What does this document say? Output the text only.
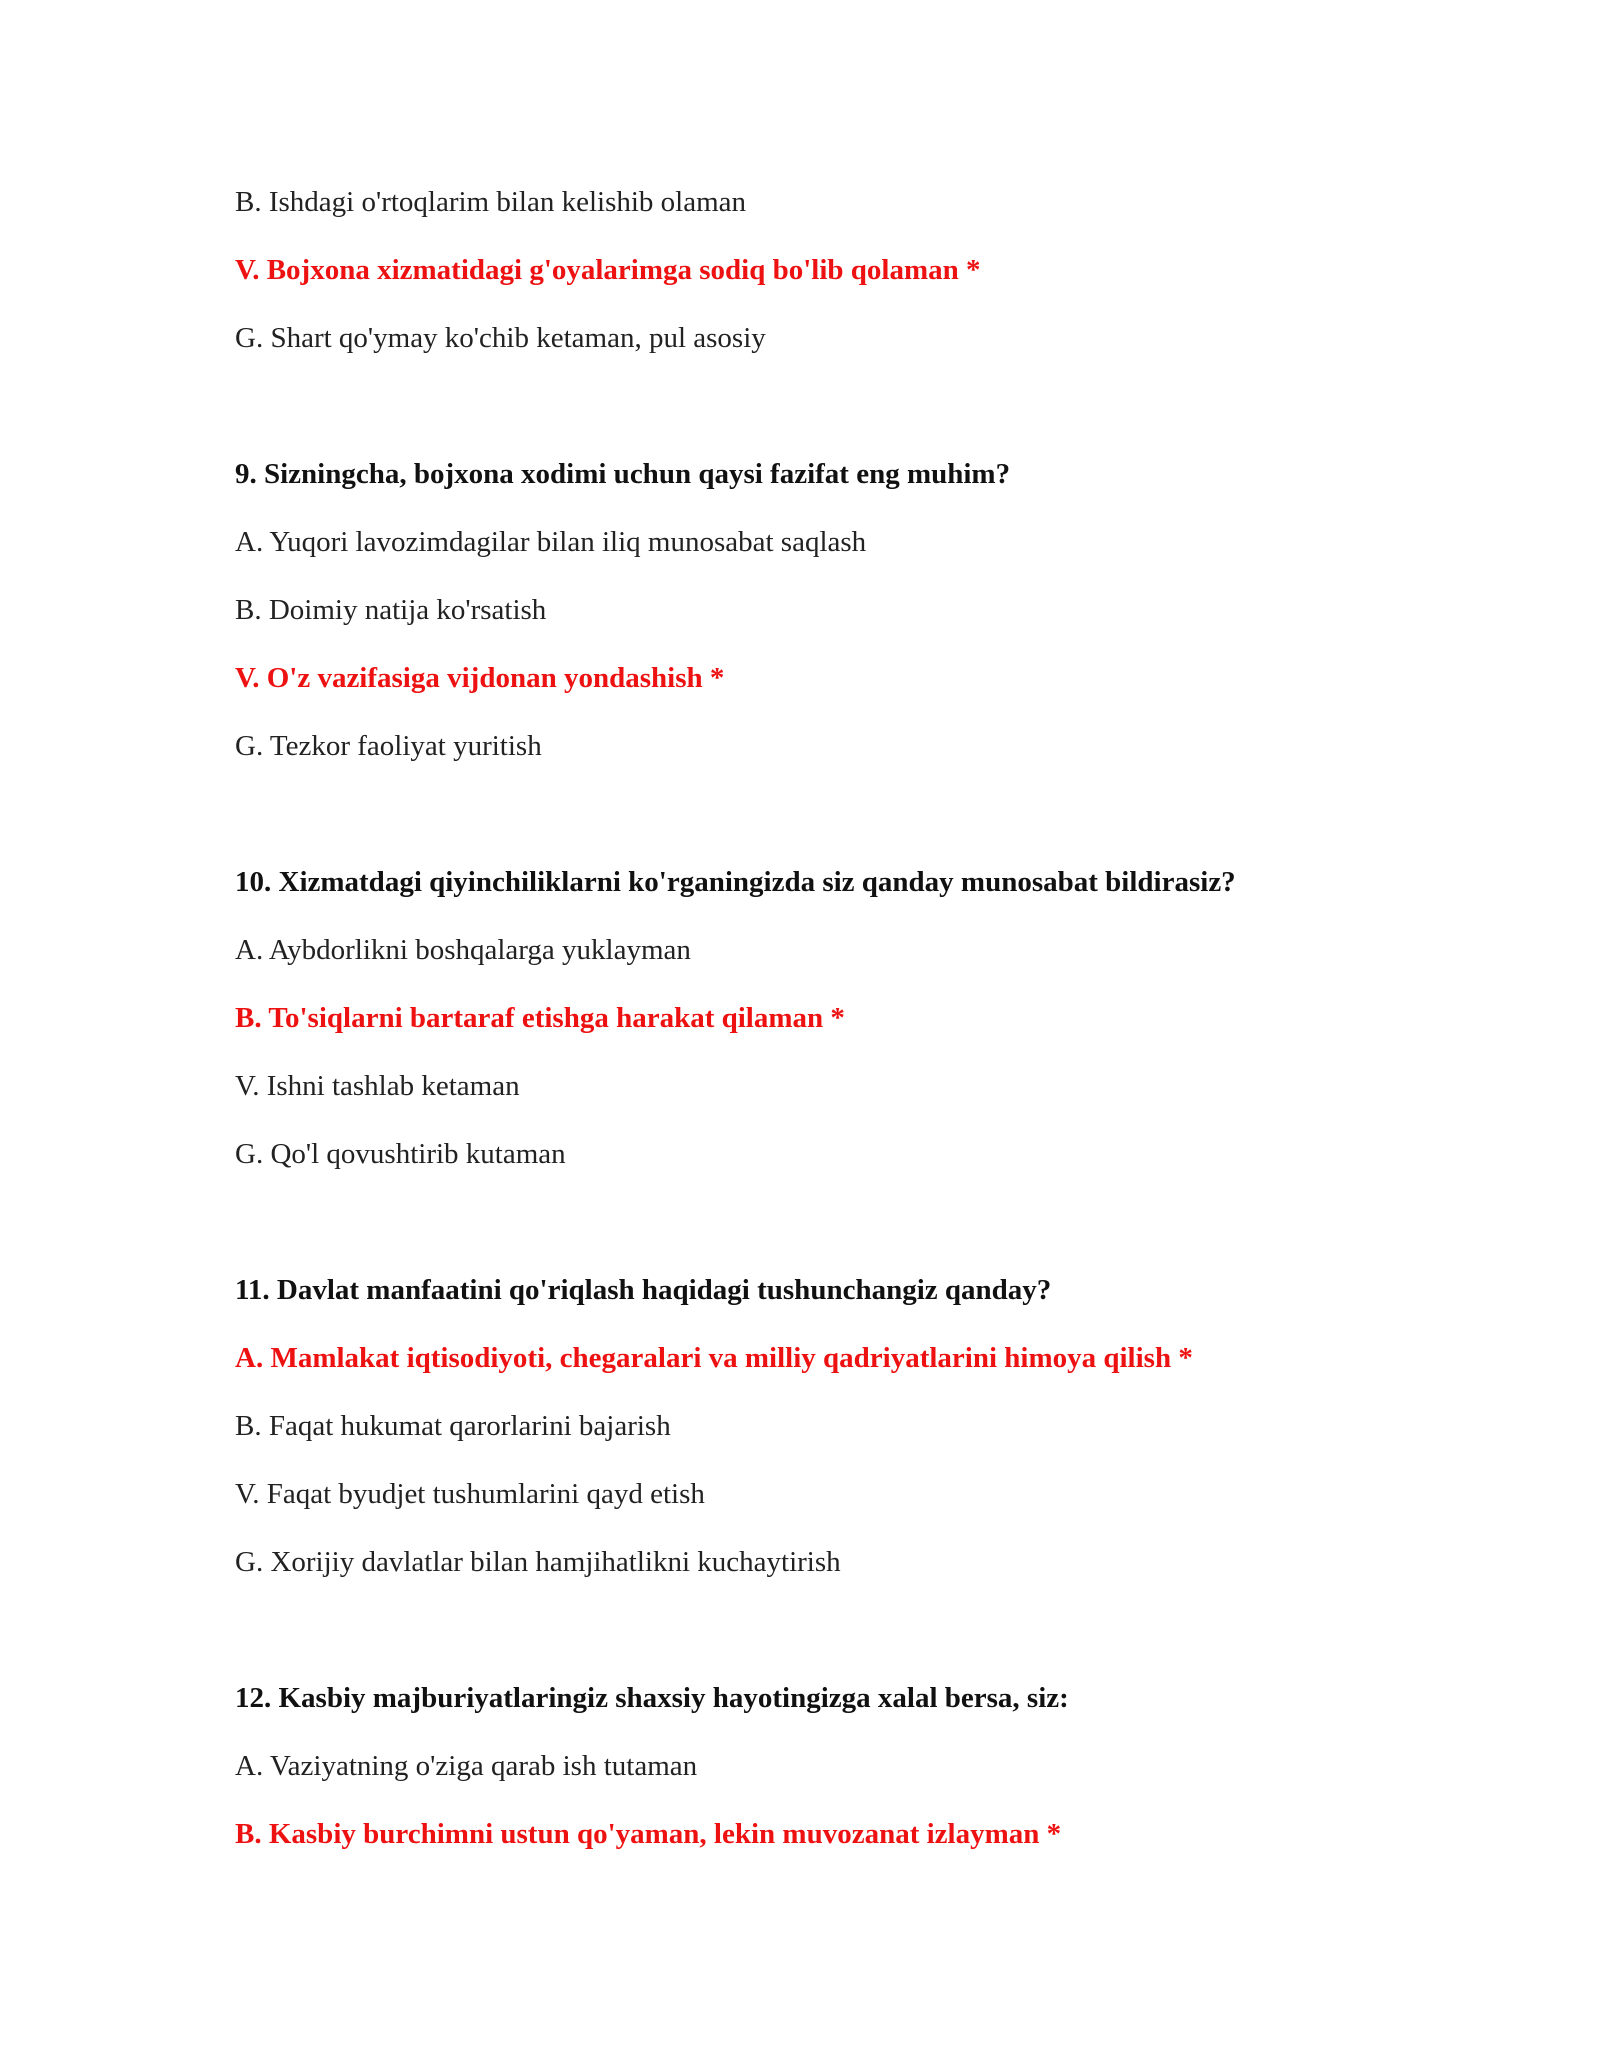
B. Ishdagi o'rtoqlarim bilan kelishib olaman
V. Bojxona xizmatidagi g'oyalarimga sodiq bo'lib qolaman *
G. Shart qo'ymay ko'chib ketaman, pul asosiy
9. Sizningcha, bojxona xodimi uchun qaysi fazifat eng muhim?
A. Yuqori lavozimdagilar bilan iliq munosabat saqlash
B. Doimiy natija ko'rsatish
V. O'z vazifasiga vijdonan yondashish *
G. Tezkor faoliyat yuritish
10. Xizmatdagi qiyinchiliklarni ko'rganingizda siz qanday munosabat bildirasiz?
A. Aybdorlikni boshqalarga yuklayman
B. To'siqlarni bartaraf etishga harakat qilaman *
V. Ishni tashlab ketaman
G. Qo'l qovushtirib kutaman
11. Davlat manfaatini qo'riqlash haqidagi tushunchangiz qanday?
A. Mamlakat iqtisodiyoti, chegaralari va milliy qadriyatlarini himoya qilish *
B. Faqat hukumat qarorlarini bajarish
V. Faqat byudjet tushumlarini qayd etish
G. Xorijiy davlatlar bilan hamjihatlikni kuchaytirish
12. Kasbiy majburiyatlaringiz shaxsiy hayotingizga xalal bersa, siz:
A. Vaziyatning o'ziga qarab ish tutaman
B. Kasbiy burchimni ustun qo'yaman, lekin muvozanat izlayman *
